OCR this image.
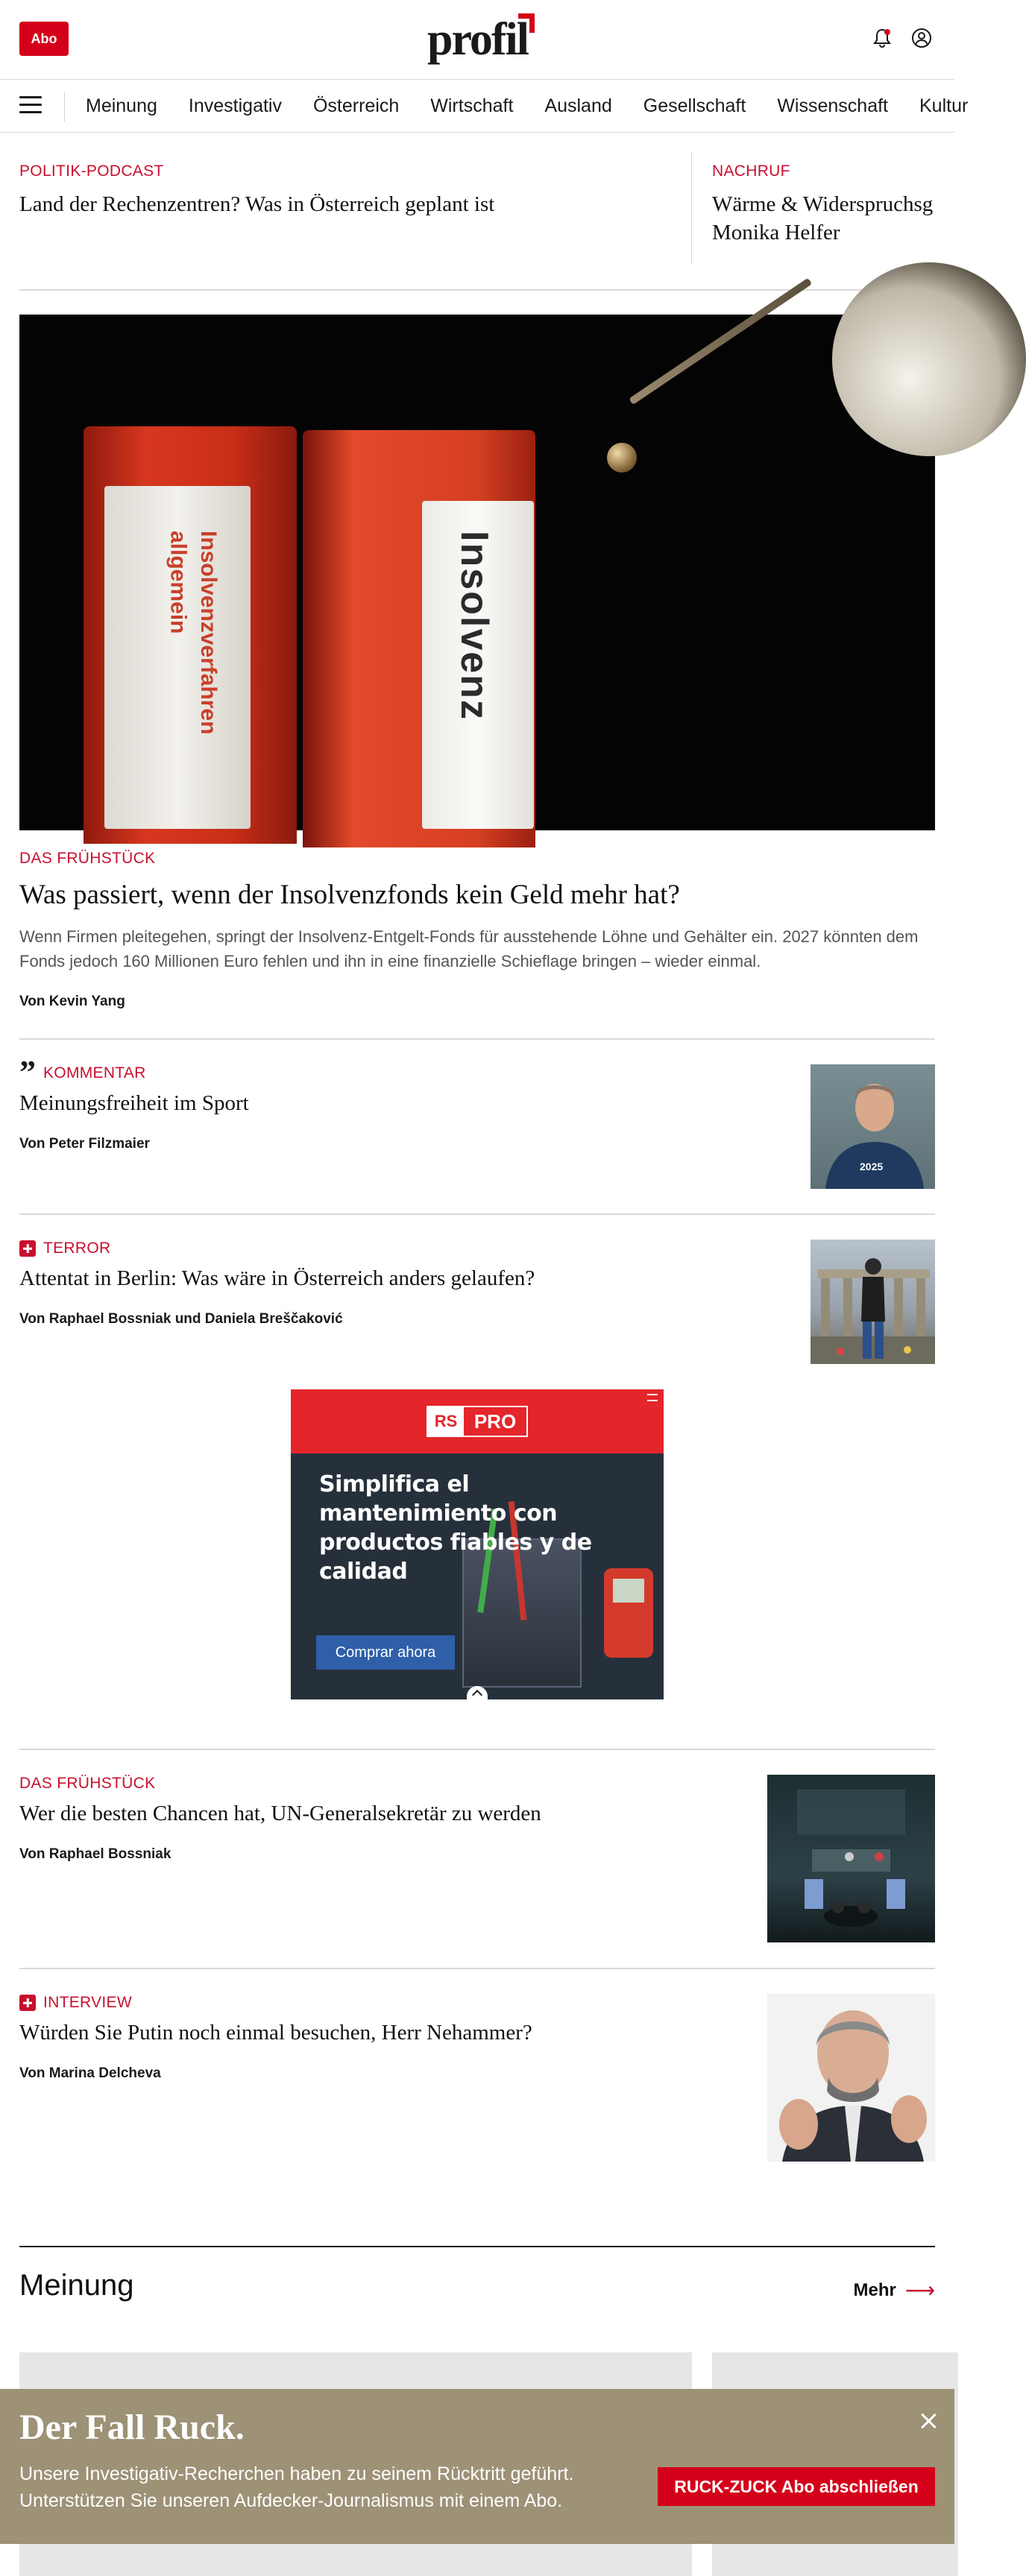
Abo	profil
Meinung Investigativ Österreich Wirtschaft Ausland Gesellschaft Wissenschaft Kultur
POLITIK-PODCAST
Land der Rechenzentren? Was in Österreich geplant ist
NACHRUF
Wärme & Widerspruchsg
Monika Helfer
Insolvenzverfahren
allgemein	Insolvenz
DAS FRÜHSTÜCK
Was passiert, wenn der Insolvenzfonds kein Geld mehr hat?
Wenn Firmen pleitegehen, springt der Insolvenz-Entgelt-Fonds für ausstehende Löhne und Gehälter ein. 2027 könnten dem Fonds jedoch 160 Millionen Euro fehlen und ihn in eine finanzielle Schieflage bringen – wieder einmal.
Von Kevin Yang
” KOMMENTAR
Meinungsfreiheit im Sport
Von Peter Filzmaier
2025
TERROR
Attentat in Berlin: Was wäre in Österreich anders gelaufen?
Von Raphael Bossniak und Daniela Breščaković
RS PRO
Simplifica el mantenimiento con productos fiables y de calidad
Comprar ahora
DAS FRÜHSTÜCK
Wer die besten Chancen hat, UN-Generalsekretär zu werden
Von Raphael Bossniak
INTERVIEW
Würden Sie Putin noch einmal besuchen, Herr Nehammer?
Von Marina Delcheva
Meinung	Mehr ⟶
Der Fall Ruck.
Unsere Investigativ-Recherchen haben zu seinem Rücktritt geführt. Unterstützen Sie unseren Aufdecker-Journalismus mit einem Abo.
RUCK-ZUCK Abo abschließen
